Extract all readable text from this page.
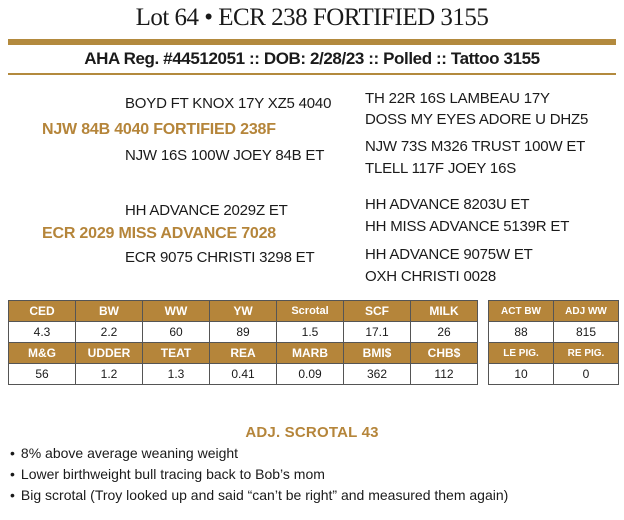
Lot 64 • ECR 238 FORTIFIED 3155
AHA Reg. #44512051 :: DOB: 2/28/23 :: Polled :: Tattoo 3155
BOYD FT KNOX 17Y XZ5 4040
NJW 84B 4040 FORTIFIED 238F
NJW 16S 100W JOEY 84B ET
TH 22R 16S LAMBEAU 17Y
DOSS MY EYES ADORE U DHZ5
NJW 73S M326 TRUST 100W ET
TLELL 117F JOEY 16S
HH ADVANCE 2029Z ET
ECR 2029 MISS ADVANCE 7028
ECR 9075 CHRISTI 3298 ET
HH ADVANCE 8203U ET
HH MISS ADVANCE 5139R ET
HH ADVANCE 9075W ET
OXH CHRISTI 0028
CED	BW	WW	YW	Scrotal	SCF	MILK
4.3	2.2	60	89	1.5	17.1	26
M&G	UDDER	TEAT	REA	MARB	BMI$	CHB$
56	1.2	1.3	0.41	0.09	362	112
ACT BW	ADJ WW
88	815
LE PIG.	RE PIG.
10	0
ADJ. SCROTAL 43
• 8% above average weaning weight
• Lower birthweight bull tracing back to Bob’s mom
• Big scrotal (Troy looked up and said “can’t be right” and measured them again)
